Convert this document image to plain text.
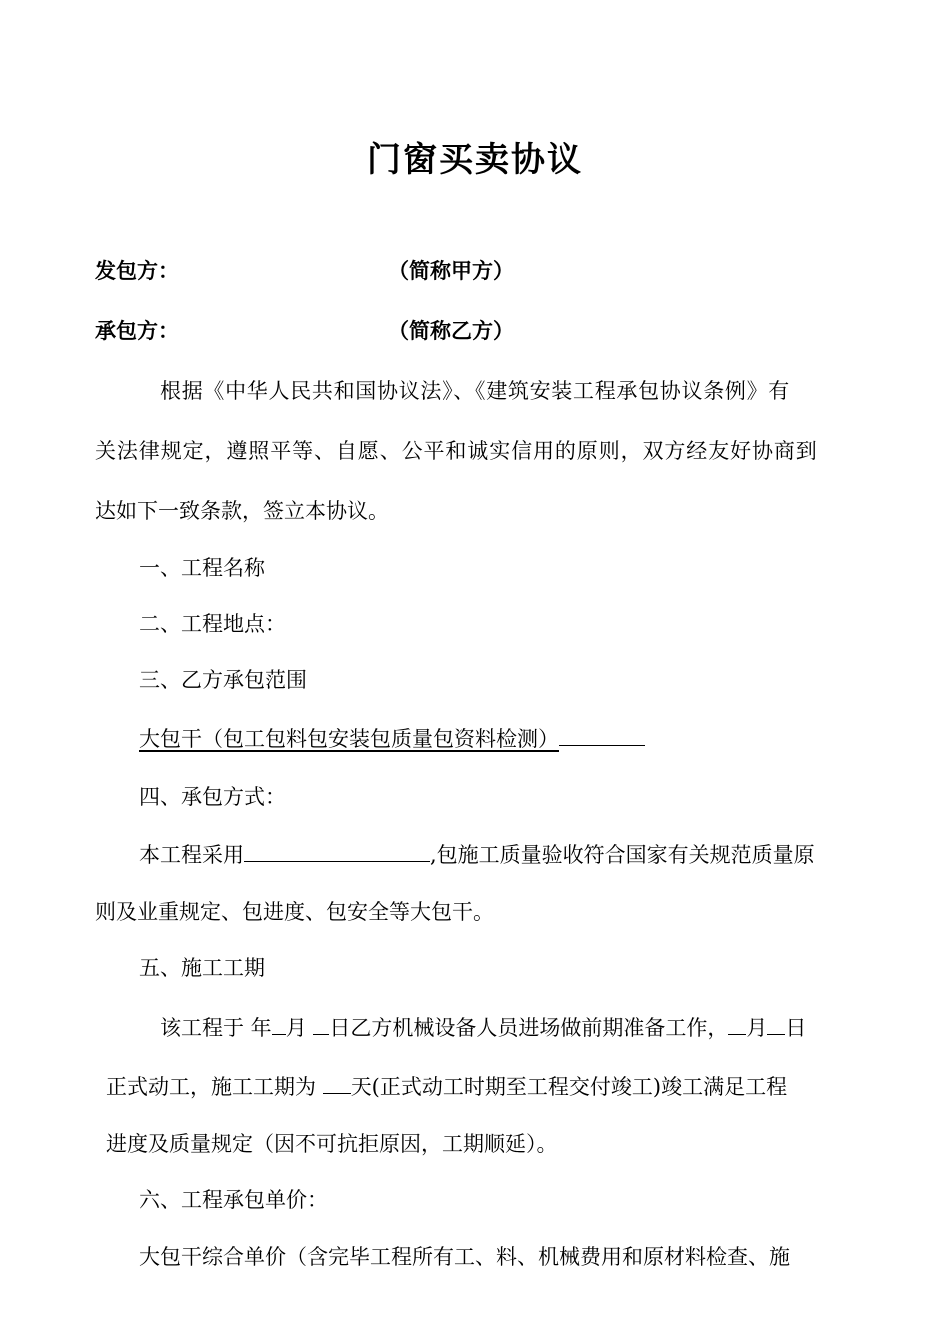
门窗买卖协议
发包方：	（简称甲方）
承包方：	（简称乙方）
根据《中华人民共和国协议法》、《建筑安装工程承包协议条例》有
关法律规定，遵照平等、自愿、公平和诚实信用的原则，双方经友好协商到
达如下一致条款，签立本协议。
一、工程名称
二、工程地点：
三、乙方承包范围
大包干（包工包料包安装包质量包资料检测）
四、承包方式：
本工程采用	,包施工质量验收符合国家有关规范质量原
则及业重规定、包进度、包安全等大包干。
五、施工工期
该工程于 年 月 日乙方机械设备人员进场做前期准备工作， 月 日
正式动工，施工工期为 天(正式动工时期至工程交付竣工)竣工满足工程
进度及质量规定（因不可抗拒原因，工期顺延）。
六、工程承包单价：
大包干综合单价（含完毕工程所有工、料、机械费用和原材料检查、施
